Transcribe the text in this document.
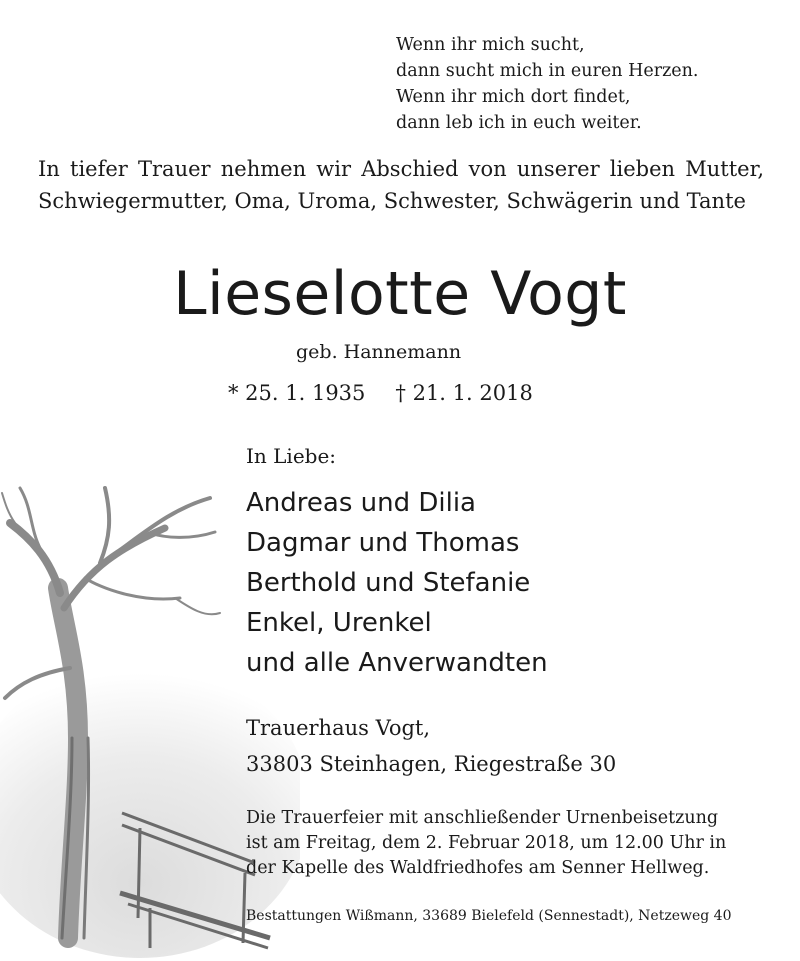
Wenn ihr mich sucht,
dann sucht mich in euren Herzen.
Wenn ihr mich dort findet,
dann leb ich in euch weiter.
In tiefer Trauer nehmen wir Abschied von unserer lieben Mutter, Schwiegermutter, Oma, Uroma, Schwester, Schwägerin und Tante
Lieselotte Vogt
geb. Hannemann
* 25. 1. 1935 † 21. 1. 2018
In Liebe:
Andreas und Dilia
Dagmar und Thomas
Berthold und Stefanie
Enkel, Urenkel
und alle Anverwandten
Trauerhaus Vogt,
33803 Steinhagen, Riegestraße 30
Die Trauerfeier mit anschließender Urnenbeisetzung
ist am Freitag, dem 2. Februar 2018, um 12.00 Uhr in
der Kapelle des Waldfriedhofes am Senner Hellweg.
Bestattungen Wißmann, 33689 Bielefeld (Sennestadt), Netzeweg 40
